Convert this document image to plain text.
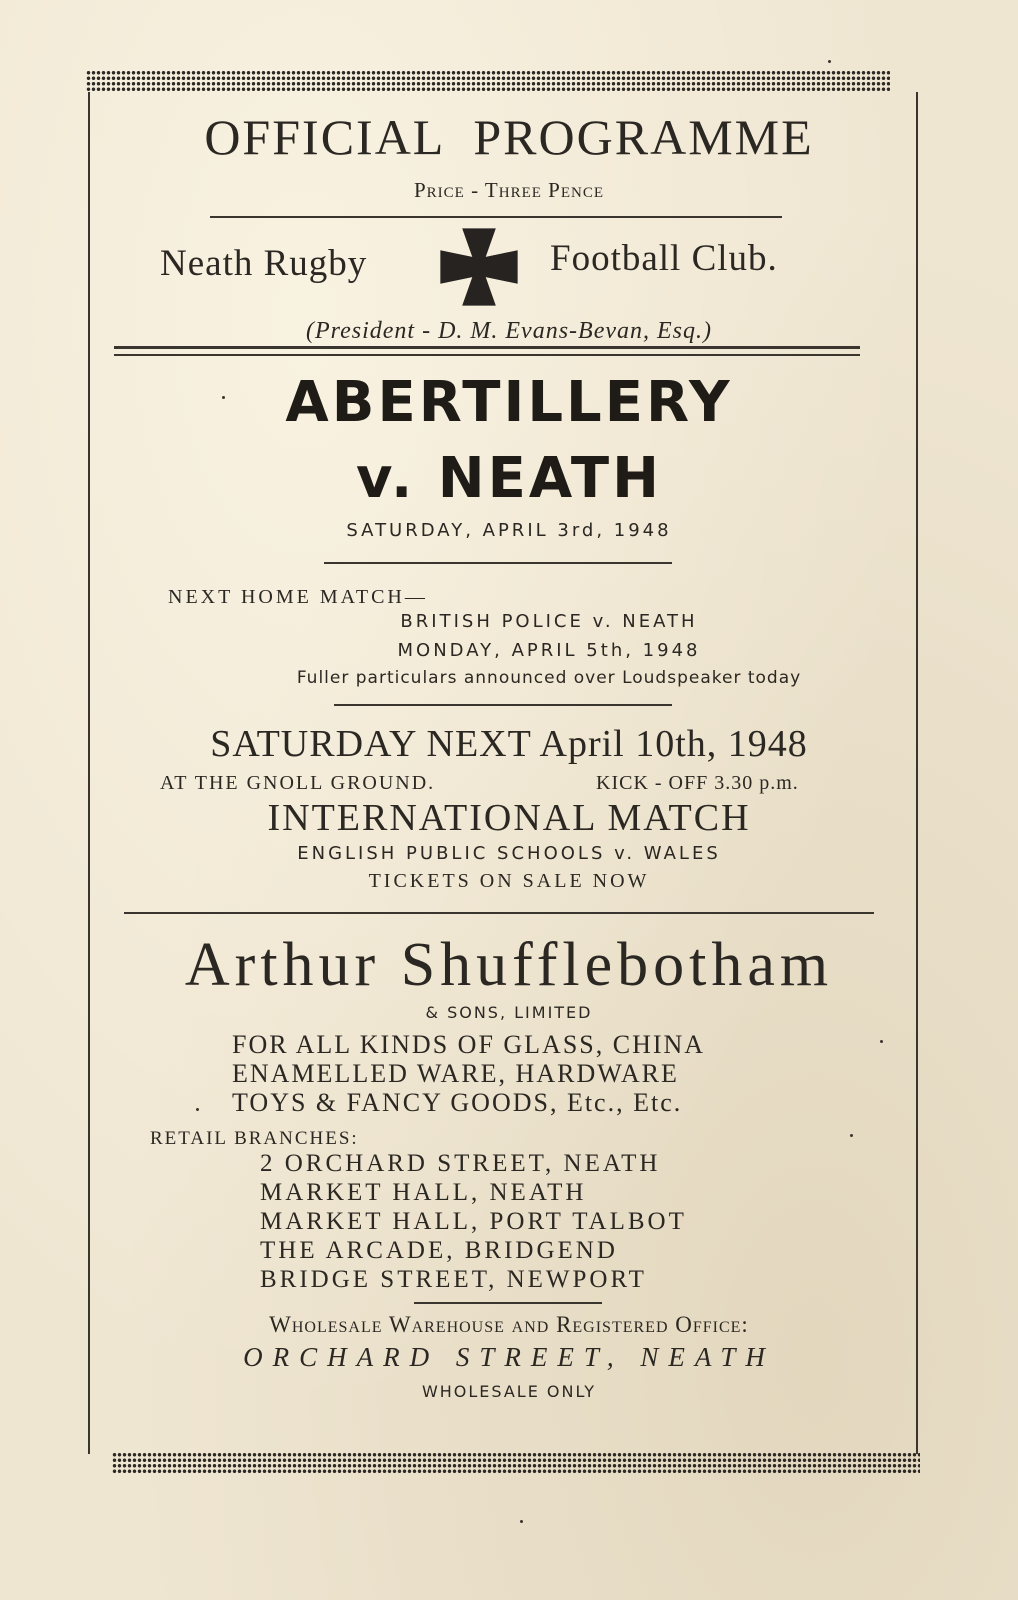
OFFICIAL PROGRAMME
Price - Three Pence
Neath Rugby	Football Club.
(President - D. M. Evans-Bevan, Esq.)
ABERTILLERY
v. NEATH
SATURDAY, APRIL 3rd, 1948
NEXT HOME MATCH—
BRITISH POLICE v. NEATH
MONDAY, APRIL 5th, 1948
Fuller particulars announced over Loudspeaker today
SATURDAY NEXT April 10th, 1948
AT THE GNOLL GROUND.	KICK - OFF 3.30 p.m.
INTERNATIONAL MATCH
ENGLISH PUBLIC SCHOOLS v. WALES
TICKETS ON SALE NOW
Arthur Shufflebotham
& SONS, LIMITED
FOR ALL KINDS OF GLASS, CHINA
ENAMELLED WARE, HARDWARE
TOYS & FANCY GOODS, Etc., Etc.
RETAIL BRANCHES:
2 ORCHARD STREET, NEATH
MARKET HALL, NEATH
MARKET HALL, PORT TALBOT
THE ARCADE, BRIDGEND
BRIDGE STREET, NEWPORT
Wholesale Warehouse and Registered Office:
ORCHARD STREET, NEATH
WHOLESALE ONLY
